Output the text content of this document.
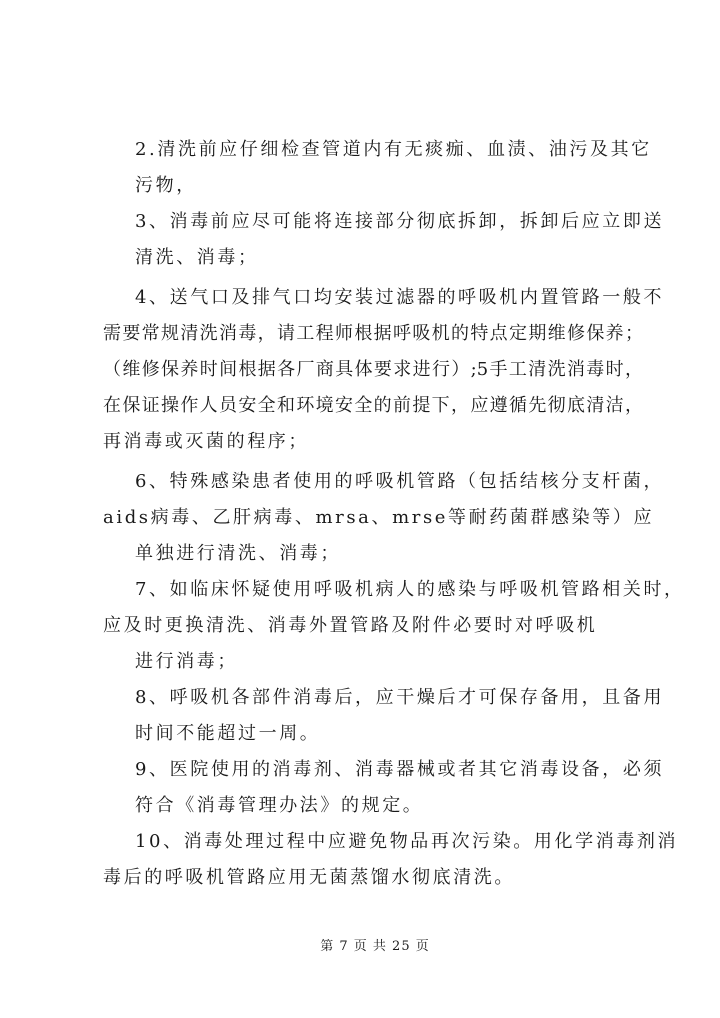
2.清洗前应仔细检查管道内有无痰痂、血渍、油污及其它
污物，
3、消毒前应尽可能将连接部分彻底拆卸，拆卸后应立即送
清洗、消毒；
4、送气口及排气口均安装过滤器的呼吸机内置管路一般不
需要常规清洗消毒，请工程师根据呼吸机的特点定期维修保养；
（维修保养时间根据各厂商具体要求进行）;5手工清洗消毒时，
在保证操作人员安全和环境安全的前提下，应遵循先彻底清洁，
再消毒或灭菌的程序；
6、特殊感染患者使用的呼吸机管路（包括结核分支杆菌，
aids病毒、乙肝病毒、mrsa、mrse等耐药菌群感染等）应
单独进行清洗、消毒；
7、如临床怀疑使用呼吸机病人的感染与呼吸机管路相关时，
应及时更换清洗、消毒外置管路及附件必要时对呼吸机
进行消毒；
8、呼吸机各部件消毒后，应干燥后才可保存备用，且备用
时间不能超过一周。
9、医院使用的消毒剂、消毒器械或者其它消毒设备，必须
符合《消毒管理办法》的规定。
10、消毒处理过程中应避免物品再次污染。用化学消毒剂消
毒后的呼吸机管路应用无菌蒸馏水彻底清洗。
第 7 页 共 25 页
